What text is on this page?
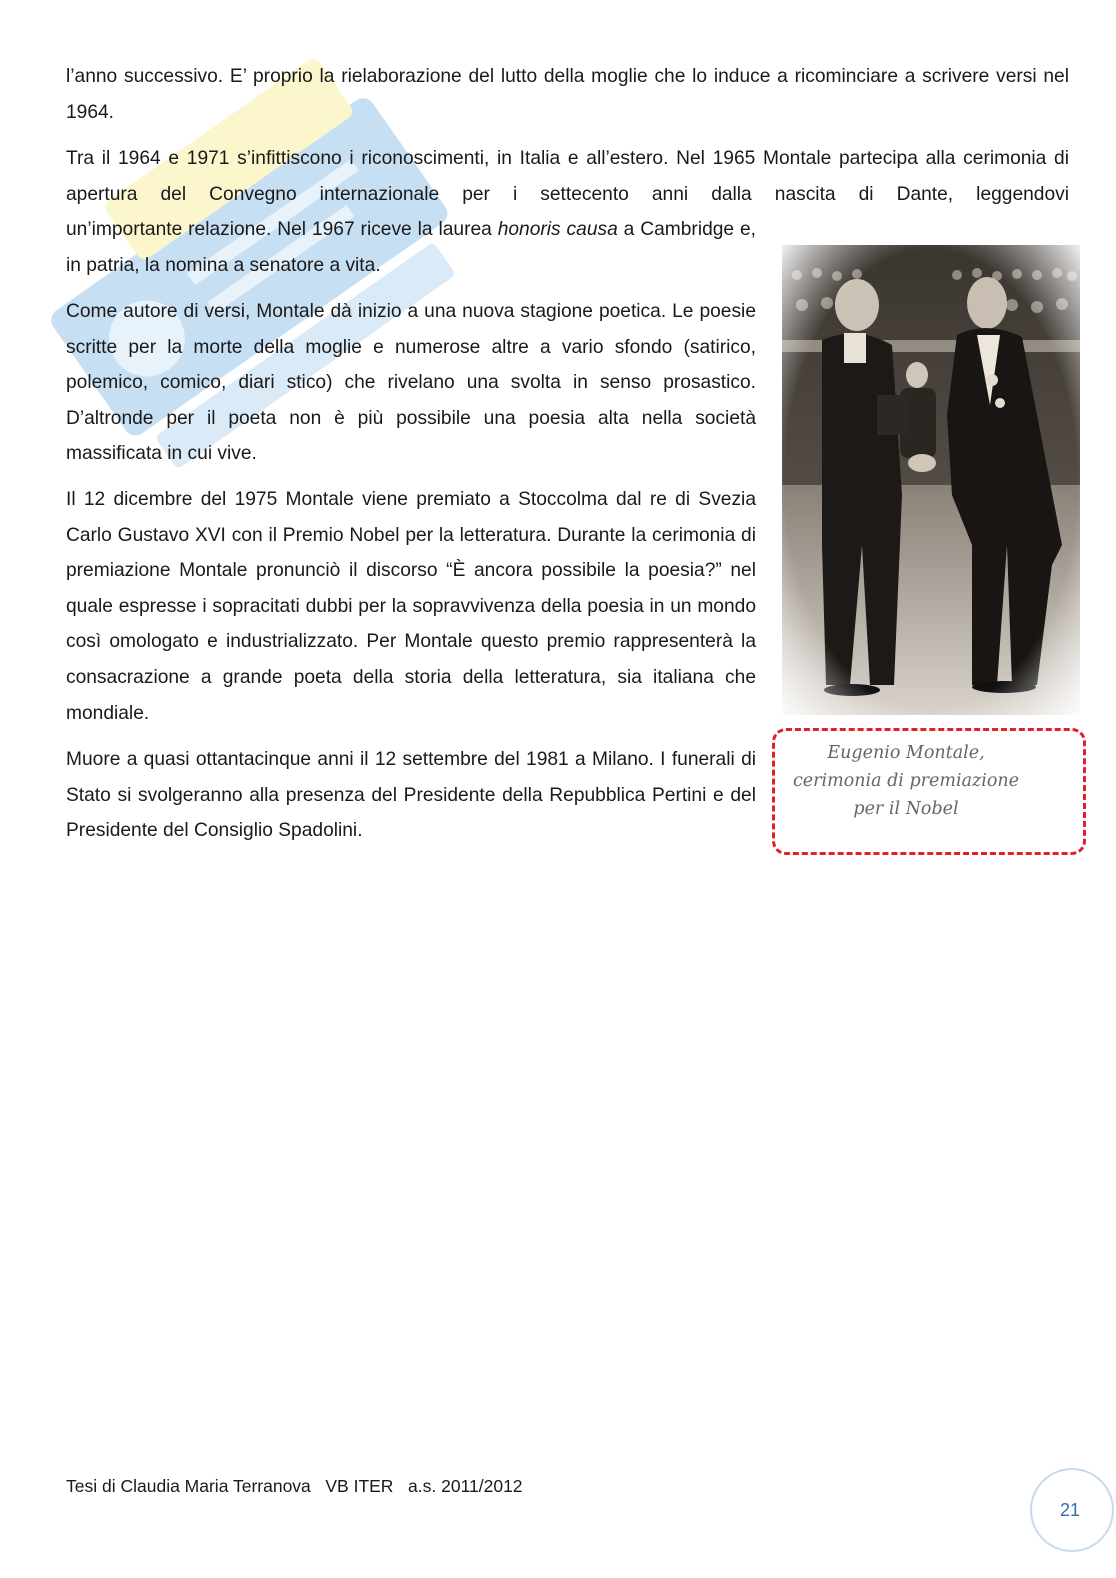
l’anno successivo. E’ proprio la rielaborazione del lutto della moglie che lo induce a ricominciare a scrivere versi nel 1964.

Tra il 1964 e 1971 s’infittiscono i riconoscimenti, in Italia e all’estero. Nel 1965 Montale partecipa alla cerimonia di apertura del Convegno internazionale per i settecento anni dalla nascita di Dante, leggendovi

un’importante relazione. Nel 1967 riceve la laurea honoris causa a Cambridge e, in patria, la nomina a senatore a vita.

Come autore di versi, Montale dà inizio a una nuova stagione poetica. Le poesie scritte per la morte della moglie e numerose altre a vario sfondo (satirico, polemico, comico, diari stico) che rivelano una svolta in senso prosastico. D’altronde per il poeta non è più possibile una poesia alta nella società massificata in cui vive.

Il 12 dicembre del 1975 Montale viene premiato a Stoccolma dal re di Svezia Carlo Gustavo XVI con il Premio Nobel per la letteratura. Durante la cerimonia di premiazione Montale pronunciò il discorso “È ancora possibile la poesia?” nel quale espresse i sopracitati dubbi per la sopravvivenza della poesia in un mondo così omologato e industrializzato. Per Montale questo premio rappresenterà la consacrazione a grande poeta della storia della letteratura, sia italiana che mondiale.

Muore a quasi ottantacinque anni il 12 settembre del 1981 a Milano. I funerali di Stato si svolgeranno alla presenza del Presidente della Repubblica Pertini e del Presidente del Consiglio Spadolini.

Eugenio Montale,
cerimonia di premiazione
per il Nobel
Tesi di Claudia Maria Terranova   VB ITER   a.s. 2011/2012
21
